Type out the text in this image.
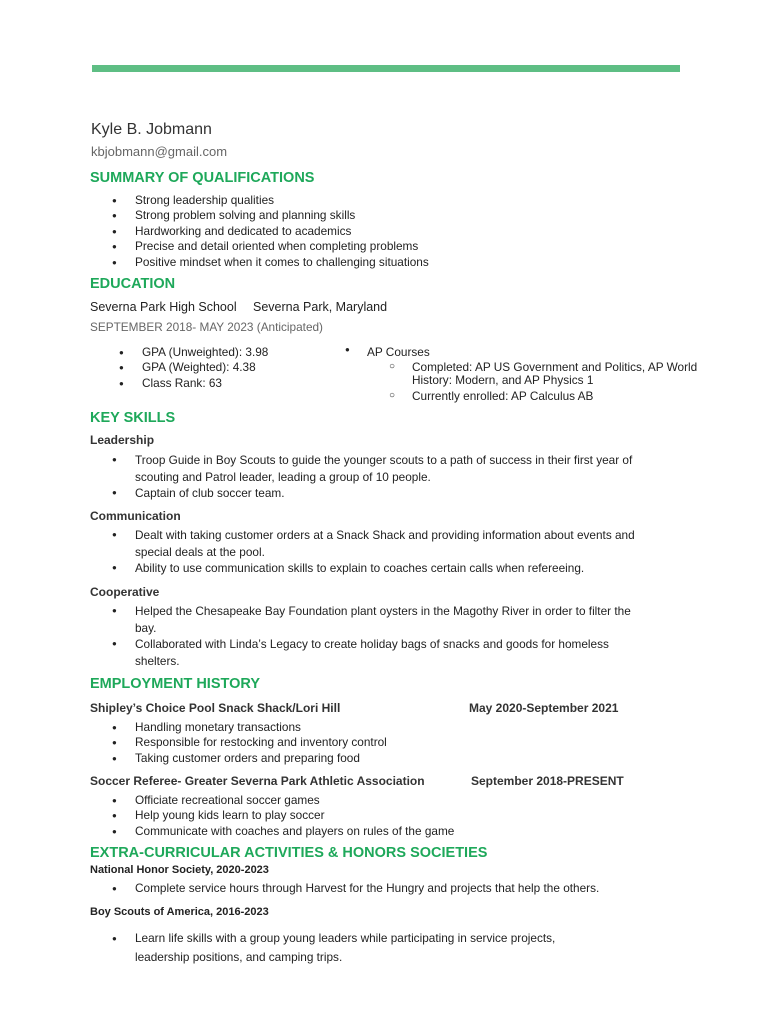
Kyle B. Jobmann
kbjobmann@gmail.com
SUMMARY OF QUALIFICATIONS
● Strong leadership qualities
● Strong problem solving and planning skills
● Hardworking and dedicated to academics
● Precise and detail oriented when completing problems
● Positive mindset when it comes to challenging situations
EDUCATION
Severna Park High School Severna Park, Maryland
SEPTEMBER 2018- MAY 2023 (Anticipated)
● GPA (Unweighted): 3.98
● GPA (Weighted): 4.38
● Class Rank: 63
● AP Courses
○ Completed: AP US Government and Politics, AP World History: Modern, and AP Physics 1
○ Currently enrolled: AP Calculus AB
KEY SKILLS
Leadership
● Troop Guide in Boy Scouts to guide the younger scouts to a path of success in their first year of scouting and Patrol leader, leading a group of 10 people.
● Captain of club soccer team.
Communication
● Dealt with taking customer orders at a Snack Shack and providing information about events and special deals at the pool.
● Ability to use communication skills to explain to coaches certain calls when refereeing.
Cooperative
● Helped the Chesapeake Bay Foundation plant oysters in the Magothy River in order to filter the bay.
● Collaborated with Linda’s Legacy to create holiday bags of snacks and goods for homeless shelters.
EMPLOYMENT HISTORY
Shipley’s Choice Pool Snack Shack/Lori Hill	May 2020-September 2021
● Handling monetary transactions
● Responsible for restocking and inventory control
● Taking customer orders and preparing food
Soccer Referee- Greater Severna Park Athletic Association	September 2018-PRESENT
● Officiate recreational soccer games
● Help young kids learn to play soccer
● Communicate with coaches and players on rules of the game
EXTRA-CURRICULAR ACTIVITIES & HONORS SOCIETIES
National Honor Society, 2020-2023
● Complete service hours through Harvest for the Hungry and projects that help the others.
Boy Scouts of America, 2016-2023
● Learn life skills with a group young leaders while participating in service projects, leadership positions, and camping trips.
